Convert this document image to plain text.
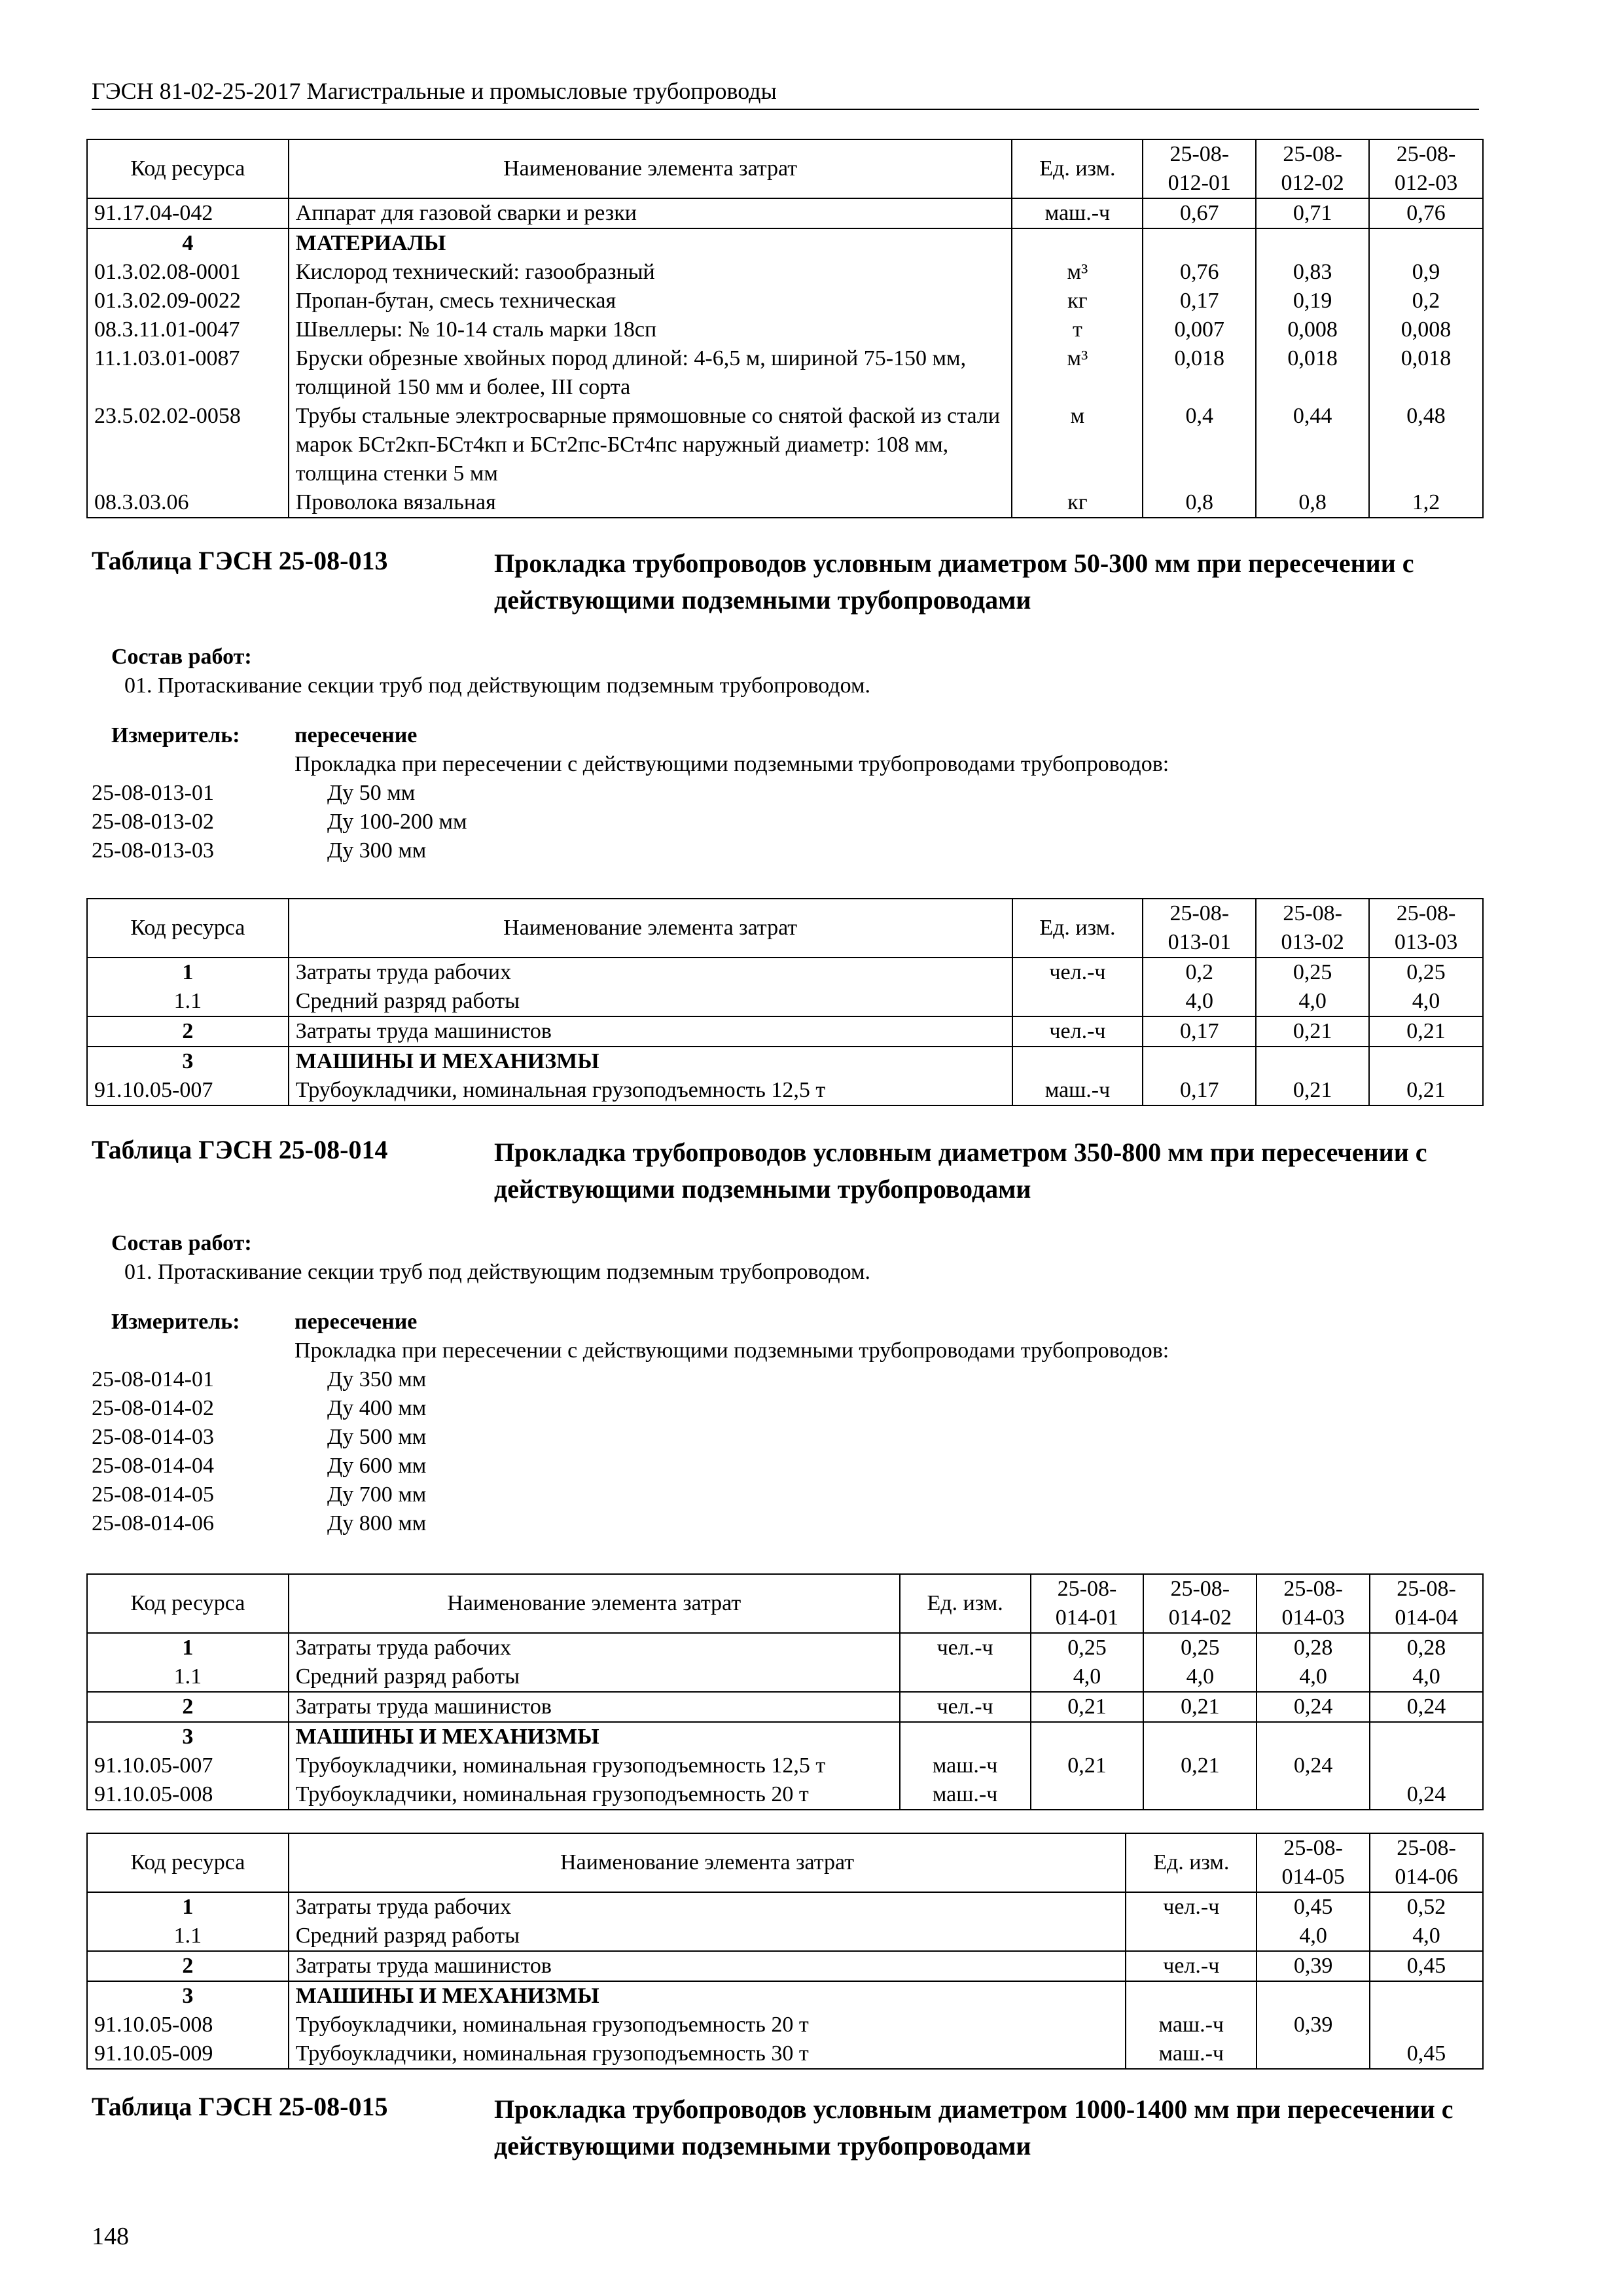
ГЭСН 81-02-25-2017 Магистральные и промысловые трубопроводы
Код ресурса	Наименование элемента затрат	Ед. изм.	25-08-012-01	25-08-012-02	25-08-012-03
91.17.04-042	Аппарат для газовой сварки и резки	маш.-ч	0,67	0,71	0,76
4	МАТЕРИАЛЫ				
01.3.02.08-0001	Кислород технический: газообразный	м³	0,76	0,83	0,9
01.3.02.09-0022	Пропан-бутан, смесь техническая	кг	0,17	0,19	0,2
08.3.11.01-0047	Швеллеры: № 10-14 сталь марки 18сп	т	0,007	0,008	0,008
11.1.03.01-0087	Бруски обрезные хвойных пород длиной: 4-6,5 м, шириной 75-150 мм, толщиной 150 мм и более, III сорта	м³	0,018	0,018	0,018
23.5.02.02-0058	Трубы стальные электросварные прямошовные со снятой фаской из стали марок БСт2кп-БСт4кп и БСт2пс-БСт4пс наружный диаметр: 108 мм, толщина стенки 5 мм	м	0,4	0,44	0,48
08.3.03.06	Проволока вязальная	кг	0,8	0,8	1,2
Таблица ГЭСН 25-08-013	Прокладка трубопроводов условным диаметром 50-300 мм при пересечении с действующими подземными трубопроводами
Состав работ:
01. Протаскивание секции труб под действующим подземным трубопроводом.
Измеритель: пересечение
Прокладка при пересечении с действующими подземными трубопроводами трубопроводов:
25-08-013-01	Ду 50 мм
25-08-013-02	Ду 100-200 мм
25-08-013-03	Ду 300 мм
Код ресурса	Наименование элемента затрат	Ед. изм.	25-08-013-01	25-08-013-02	25-08-013-03
1	Затраты труда рабочих	чел.-ч	0,2	0,25	0,25
1.1	Средний разряд работы		4,0	4,0	4,0
2	Затраты труда машинистов	чел.-ч	0,17	0,21	0,21
3	МАШИНЫ И МЕХАНИЗМЫ				
91.10.05-007	Трубоукладчики, номинальная грузоподъемность 12,5 т	маш.-ч	0,17	0,21	0,21
Таблица ГЭСН 25-08-014	Прокладка трубопроводов условным диаметром 350-800 мм при пересечении с действующими подземными трубопроводами
Состав работ:
01. Протаскивание секции труб под действующим подземным трубопроводом.
Измеритель: пересечение
Прокладка при пересечении с действующими подземными трубопроводами трубопроводов:
25-08-014-01	Ду 350 мм
25-08-014-02	Ду 400 мм
25-08-014-03	Ду 500 мм
25-08-014-04	Ду 600 мм
25-08-014-05	Ду 700 мм
25-08-014-06	Ду 800 мм
Код ресурса	Наименование элемента затрат	Ед. изм.	25-08-014-01	25-08-014-02	25-08-014-03	25-08-014-04
1	Затраты труда рабочих	чел.-ч	0,25	0,25	0,28	0,28
1.1	Средний разряд работы		4,0	4,0	4,0	4,0
2	Затраты труда машинистов	чел.-ч	0,21	0,21	0,24	0,24
3	МАШИНЫ И МЕХАНИЗМЫ					
91.10.05-007	Трубоукладчики, номинальная грузоподъемность 12,5 т	маш.-ч	0,21	0,21	0,24	
91.10.05-008	Трубоукладчики, номинальная грузоподъемность 20 т	маш.-ч				0,24
Код ресурса	Наименование элемента затрат	Ед. изм.	25-08-014-05	25-08-014-06
1	Затраты труда рабочих	чел.-ч	0,45	0,52
1.1	Средний разряд работы		4,0	4,0
2	Затраты труда машинистов	чел.-ч	0,39	0,45
3	МАШИНЫ И МЕХАНИЗМЫ			
91.10.05-008	Трубоукладчики, номинальная грузоподъемность 20 т	маш.-ч	0,39	
91.10.05-009	Трубоукладчики, номинальная грузоподъемность 30 т	маш.-ч		0,45
Таблица ГЭСН 25-08-015	Прокладка трубопроводов условным диаметром 1000-1400 мм при пересечении с действующими подземными трубопроводами
148
